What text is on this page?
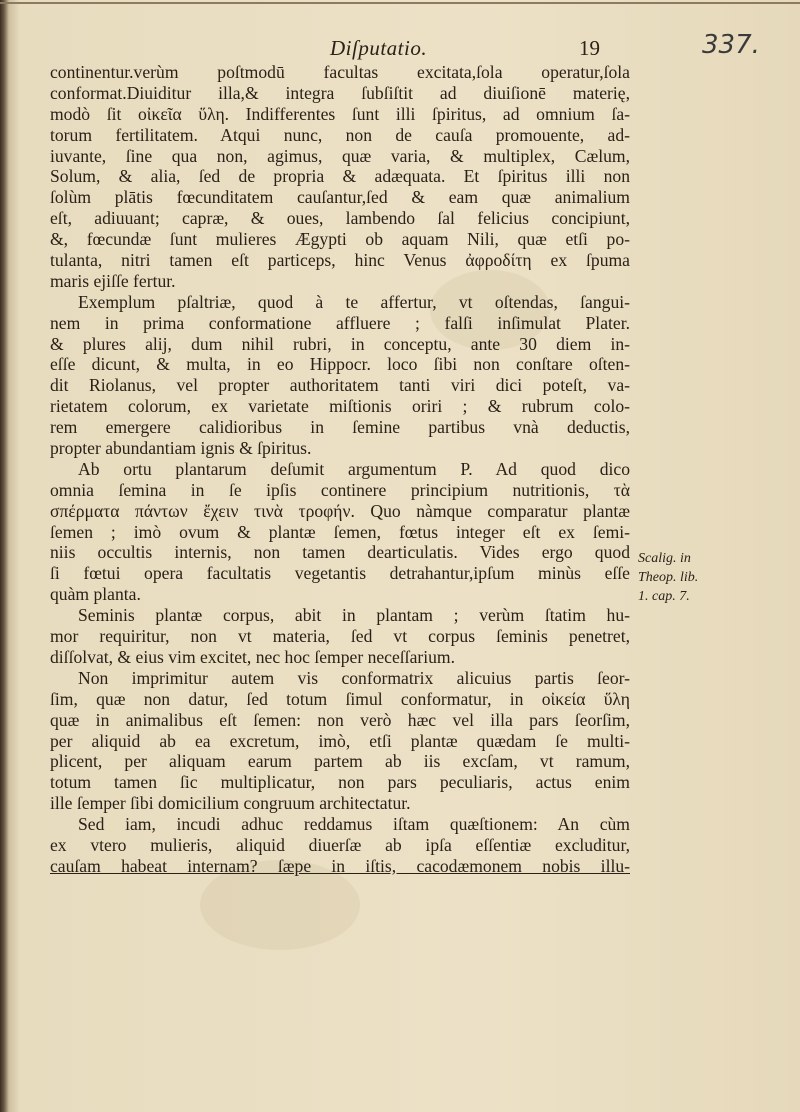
Diſputatio.	19	337.
continentur.verùm poſtmodū facultas excitata,ſola operatur,ſola
conformat.Diuiditur illa,& integra ſubſiſtit ad diuiſionē materię,
modò ſit οἰκεῖα ὕλη. Indifferentes ſunt illi ſpiritus, ad omnium ſa-
torum fertilitatem. Atqui nunc, non de cauſa promouente, ad-
iuvante, ſine qua non, agimus, quæ varia, & multiplex, Cælum,
Solum, & alia, ſed de propria & adæquata. Et ſpiritus illi non
ſolùm plātis fœcunditatem cauſantur,ſed & eam quæ animalium
eſt, adiuuant; capræ, & oues, lambendo ſal felicius concipiunt,
&, fœcundæ ſunt mulieres Ægypti ob aquam Nili, quæ etſi po-
tulanta, nitri tamen eſt particeps, hinc Venus ἀφροδίτη ex ſpuma
maris ejiſſe fertur.
Exemplum pſaltriæ, quod à te affertur, vt oſtendas, ſangui-
nem in prima conformatione affluere ; falſi inſimulat Plater.
& plures alij, dum nihil rubri, in conceptu, ante 30 diem in-
eſſe dicunt, & multa, in eo Hippocr. loco ſibi non conſtare oſten-
dit Riolanus, vel propter authoritatem tanti viri dici poteſt, va-
rietatem colorum, ex varietate miſtionis oriri ; & rubrum colo-
rem emergere calidioribus in ſemine partibus vnà deductis,
propter abundantiam ignis & ſpiritus.
Ab ortu plantarum deſumit argumentum P. Ad quod dico
omnia ſemina in ſe ipſis continere principium nutritionis, τὰ
σπέρματα πάντων ἔχειν τινὰ τροφήν. Quo nàmque comparatur plantæ
ſemen ; imò ovum & plantæ ſemen, fœtus integer eſt ex ſemi-
niis occultis internis, non tamen dearticulatis. Vides ergo quod
ſi fœtui opera facultatis vegetantis detrahantur,ipſum minùs eſſe
quàm planta.
Seminis plantæ corpus, abit in plantam ; verùm ſtatim hu-
mor requiritur, non vt materia, ſed vt corpus ſeminis penetret,
diſſolvat, & eius vim excitet, nec hoc ſemper neceſſarium.
Non imprimitur autem vis conformatrix alicuius partis ſeor-
ſim, quæ non datur, ſed totum ſimul conformatur, in οἰκεία ὕλη
quæ in animalibus eſt ſemen: non verò hæc vel illa pars ſeorſim,
per aliquid ab ea excretum, imò, etſi plantæ quædam ſe multi-
plicent, per aliquam earum partem ab iis excſam, vt ramum,
totum tamen ſic multiplicatur, non pars peculiaris, actus enim
ille ſemper ſibi domicilium congruum architectatur.
Sed iam, incudi adhuc reddamus iſtam quæſtionem: An cùm
ex vtero mulieris, aliquid diuerſæ ab ipſa eſſentiæ excluditur,
cauſam habeat internam? ſæpe in iſtis, cacodæmonem nobis illu-
Scalig. in
Theop. lib.
1. cap. 7.
